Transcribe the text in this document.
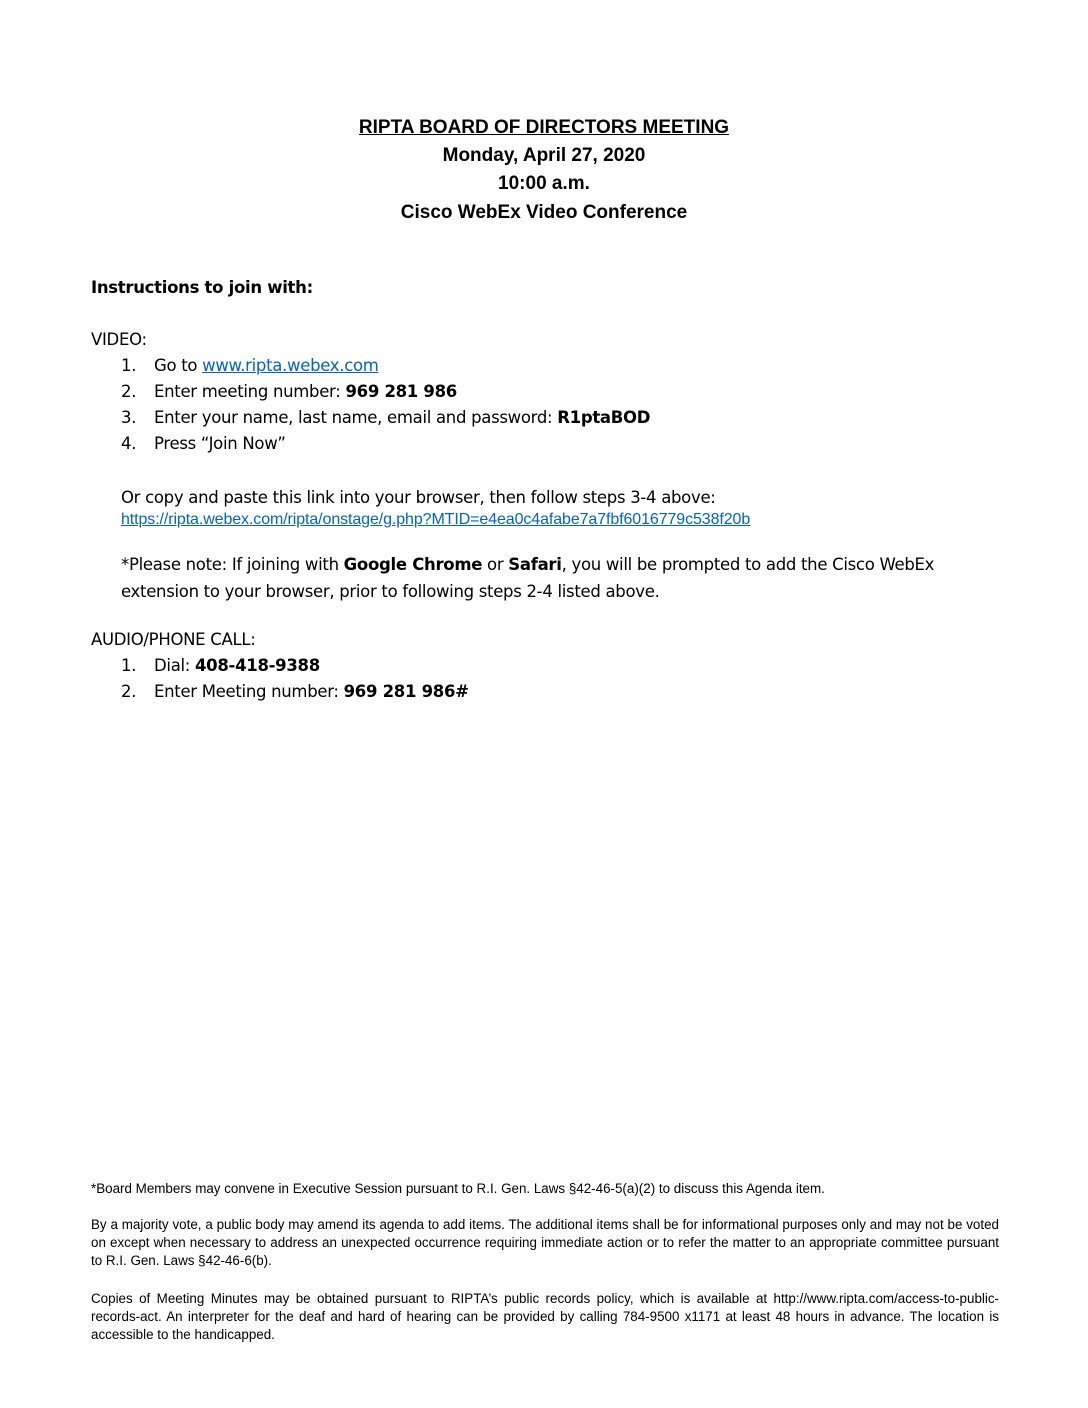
RIPTA BOARD OF DIRECTORS MEETING
Monday, April 27, 2020
10:00 a.m.
Cisco WebEx Video Conference
Instructions to join with:
VIDEO:
1. Go to www.ripta.webex.com
2. Enter meeting number: 969 281 986
3. Enter your name, last name, email and password: R1ptaBOD
4. Press “Join Now”
Or copy and paste this link into your browser, then follow steps 3-4 above:
https://ripta.webex.com/ripta/onstage/g.php?MTID=e4ea0c4afabe7a7fbf6016779c538f20b
*Please note: If joining with Google Chrome or Safari, you will be prompted to add the Cisco WebEx extension to your browser, prior to following steps 2-4 listed above.
AUDIO/PHONE CALL:
1. Dial: 408-418-9388
2. Enter Meeting number: 969 281 986#
*Board Members may convene in Executive Session pursuant to R.I. Gen. Laws §42-46-5(a)(2) to discuss this Agenda item.
By a majority vote, a public body may amend its agenda to add items. The additional items shall be for informational purposes only and may not be voted on except when necessary to address an unexpected occurrence requiring immediate action or to refer the matter to an appropriate committee pursuant to R.I. Gen. Laws §42-46-6(b).
Copies of Meeting Minutes may be obtained pursuant to RIPTA’s public records policy, which is available at http://www.ripta.com/access-to-public-records-act. An interpreter for the deaf and hard of hearing can be provided by calling 784-9500 x1171 at least 48 hours in advance. The location is accessible to the handicapped.
